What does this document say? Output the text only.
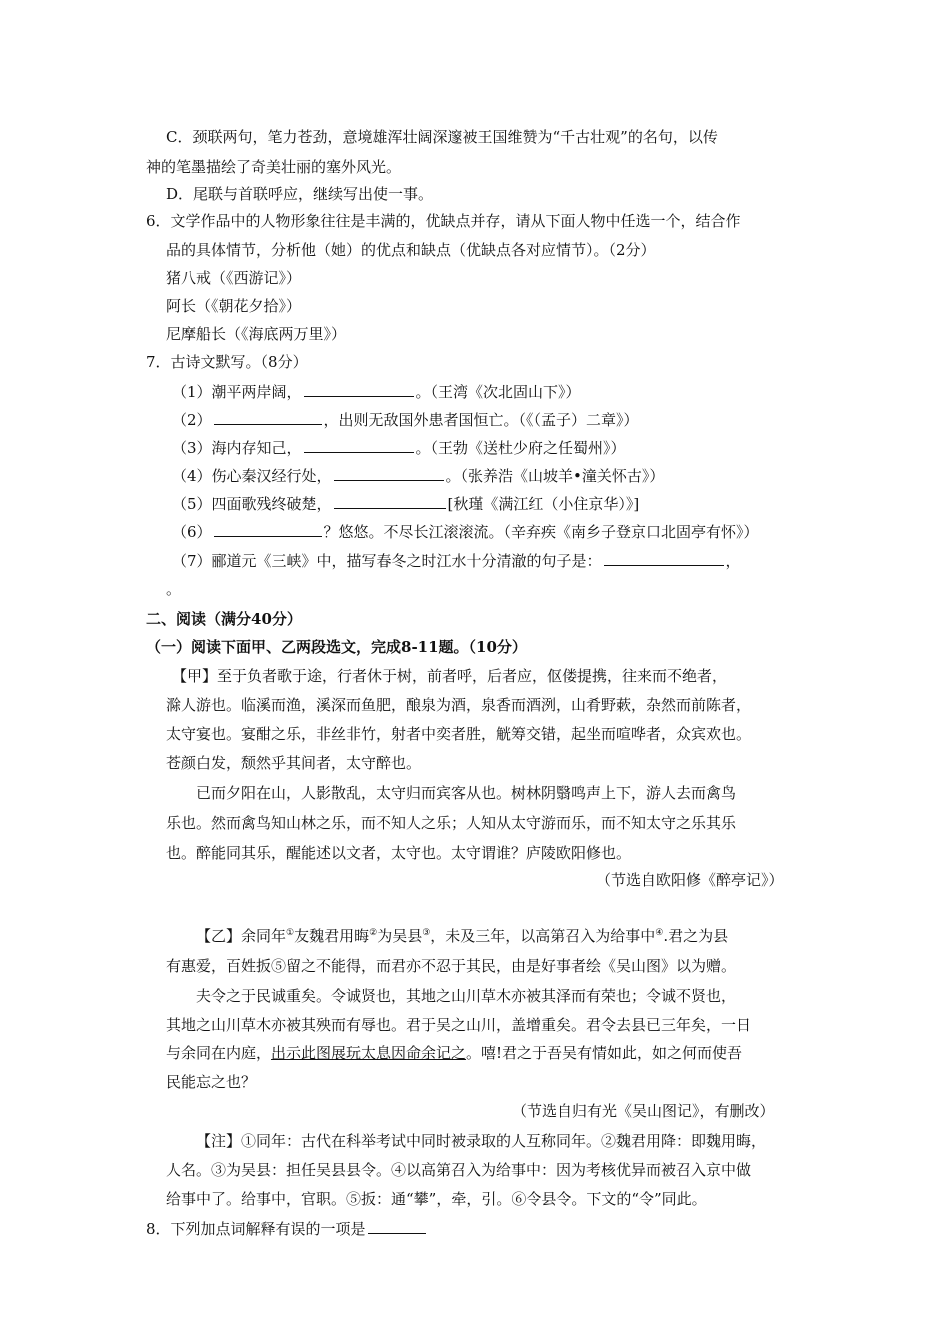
C．颈联两句，笔力苍劲，意境雄浑壮阔深邃被王国维赞为“千古壮观”的名句，以传
神的笔墨描绘了奇美壮丽的塞外风光。
D．尾联与首联呼应，继续写出使一事。
6．文学作品中的人物形象往往是丰满的，优缺点并存，请从下面人物中任选一个，结合作
品的具体情节，分析他（她）的优点和缺点（优缺点各对应情节）。（2分）
猪八戒（《西游记》）
阿长（《朝花夕拾》）
尼摩船长（《海底两万里》）
7．古诗文默写。（8分）
（1）潮平两岸阔，	。（王湾《次北固山下》）
（2）	，出则无敌国外患者国恒亡。（《（孟子）二章》）
（3）海内存知己，	。（王勃《送杜少府之任蜀州》）
（4）伤心秦汉经行处，	。（张养浩《山坡羊•潼关怀古》）
（5）四面歌残终破楚，	[秋瑾《满江红（小住京华）》]
（6）	？悠悠。不尽长江滚滚流。（辛弃疾《南乡子登京口北固亭有怀》）
（7）郦道元《三峡》中，描写春冬之时江水十分清澈的句子是：	，
。
二、阅读（满分40分）
（一）阅读下面甲、乙两段选文，完成8-11题。（10分）
【甲】至于负者歌于途，行者休于树，前者呼，后者应，伛偻提携，往来而不绝者，
滁人游也。临溪而渔，溪深而鱼肥，酿泉为酒，泉香而酒洌，山肴野蔌，杂然而前陈者，
太守宴也。宴酣之乐，非丝非竹，射者中奕者胜，觥筹交错，起坐而喧哗者，众宾欢也。
苍颜白发，颓然乎其间者，太守醉也。
已而夕阳在山，人影散乱，太守归而宾客从也。树林阴翳鸣声上下，游人去而禽鸟
乐也。然而禽鸟知山林之乐，而不知人之乐；人知从太守游而乐，而不知太守之乐其乐
也。醉能同其乐，醒能述以文者，太守也。太守谓谁？庐陵欧阳修也。
（节选自欧阳修《醉亭记》）
【乙】余同年①友魏君用晦②为吴县③，未及三年，以高第召入为给事中④.君之为县
有惠爱，百姓扳⑤留之不能得，而君亦不忍于其民，由是好事者绘《吴山图》以为赠。
夫令之于民诚重矣。令诚贤也，其地之山川草木亦被其泽而有荣也；令诚不贤也，
其地之山川草木亦被其殃而有辱也。君于吴之山川，盖增重矣。君令去县已三年矣，一日
与余同在内庭，出示此图展玩太息因命余记之。嘻!君之于吾吴有情如此，如之何而使吾
民能忘之也？
（节选自归有光《吴山图记》，有删改）
【注】①同年：古代在科举考试中同时被录取的人互称同年。②魏君用降：即魏用晦，
人名。③为吴县：担任吴县县令。④以高第召入为给事中：因为考核优异而被召入京中做
给事中了。给事中，官职。⑤扳：通“攀”，牵，引。⑥令县令。下文的“令”同此。
8．下列加点词解释有误的一项是
